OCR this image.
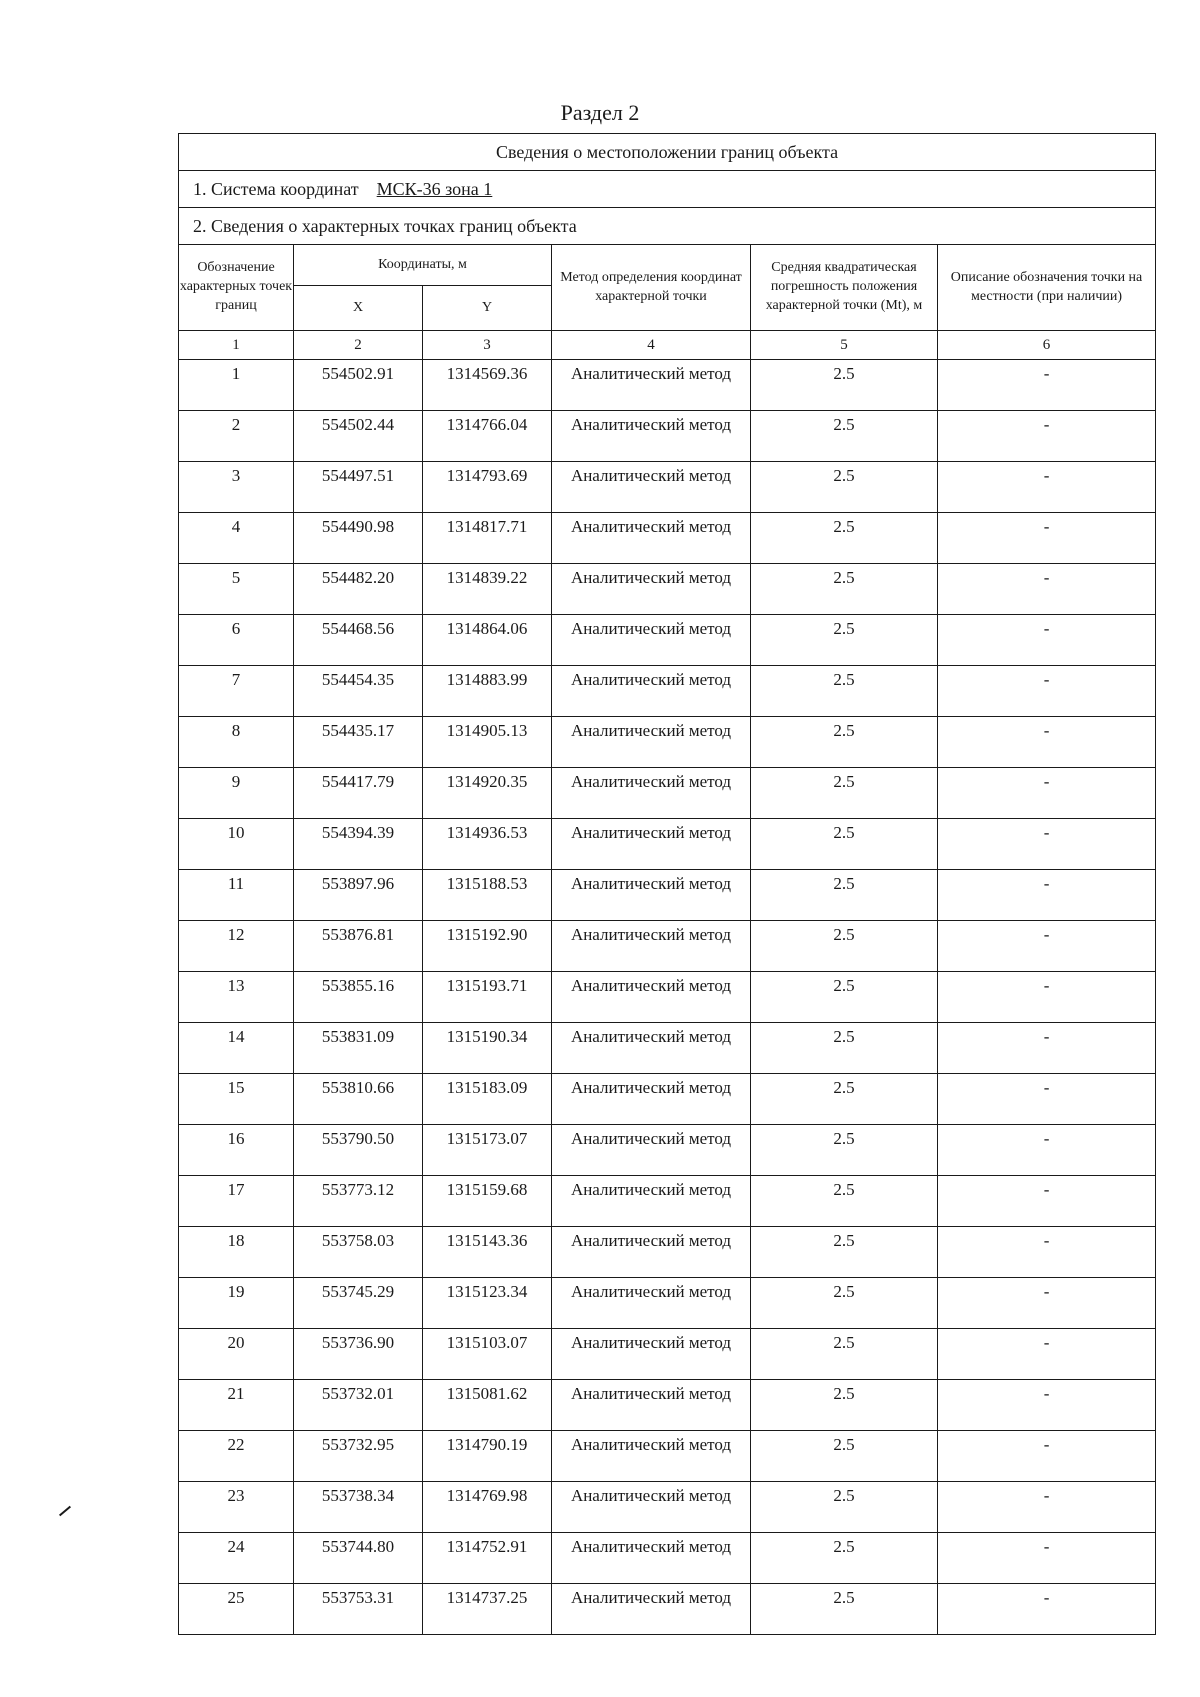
Раздел 2
Сведения о местоположении границ объекта					
1. Система координат МСК-36 зона 1					
2. Сведения о характерных точках границ объекта					
Обозначение характерных точек границ	Координаты, м		Метод определения координат характерной точки	Средняя квадратическая погрешность положения характерной точки (Mt), м	Описание обозначения точки на местности (при наличии)
	X	Y			
1	2	3	4	5	6
1	554502.91	1314569.36	Аналитический метод	2.5	-
2	554502.44	1314766.04	Аналитический метод	2.5	-
3	554497.51	1314793.69	Аналитический метод	2.5	-
4	554490.98	1314817.71	Аналитический метод	2.5	-
5	554482.20	1314839.22	Аналитический метод	2.5	-
6	554468.56	1314864.06	Аналитический метод	2.5	-
7	554454.35	1314883.99	Аналитический метод	2.5	-
8	554435.17	1314905.13	Аналитический метод	2.5	-
9	554417.79	1314920.35	Аналитический метод	2.5	-
10	554394.39	1314936.53	Аналитический метод	2.5	-
11	553897.96	1315188.53	Аналитический метод	2.5	-
12	553876.81	1315192.90	Аналитический метод	2.5	-
13	553855.16	1315193.71	Аналитический метод	2.5	-
14	553831.09	1315190.34	Аналитический метод	2.5	-
15	553810.66	1315183.09	Аналитический метод	2.5	-
16	553790.50	1315173.07	Аналитический метод	2.5	-
17	553773.12	1315159.68	Аналитический метод	2.5	-
18	553758.03	1315143.36	Аналитический метод	2.5	-
19	553745.29	1315123.34	Аналитический метод	2.5	-
20	553736.90	1315103.07	Аналитический метод	2.5	-
21	553732.01	1315081.62	Аналитический метод	2.5	-
22	553732.95	1314790.19	Аналитический метод	2.5	-
23	553738.34	1314769.98	Аналитический метод	2.5	-
24	553744.80	1314752.91	Аналитический метод	2.5	-
25	553753.31	1314737.25	Аналитический метод	2.5	-
